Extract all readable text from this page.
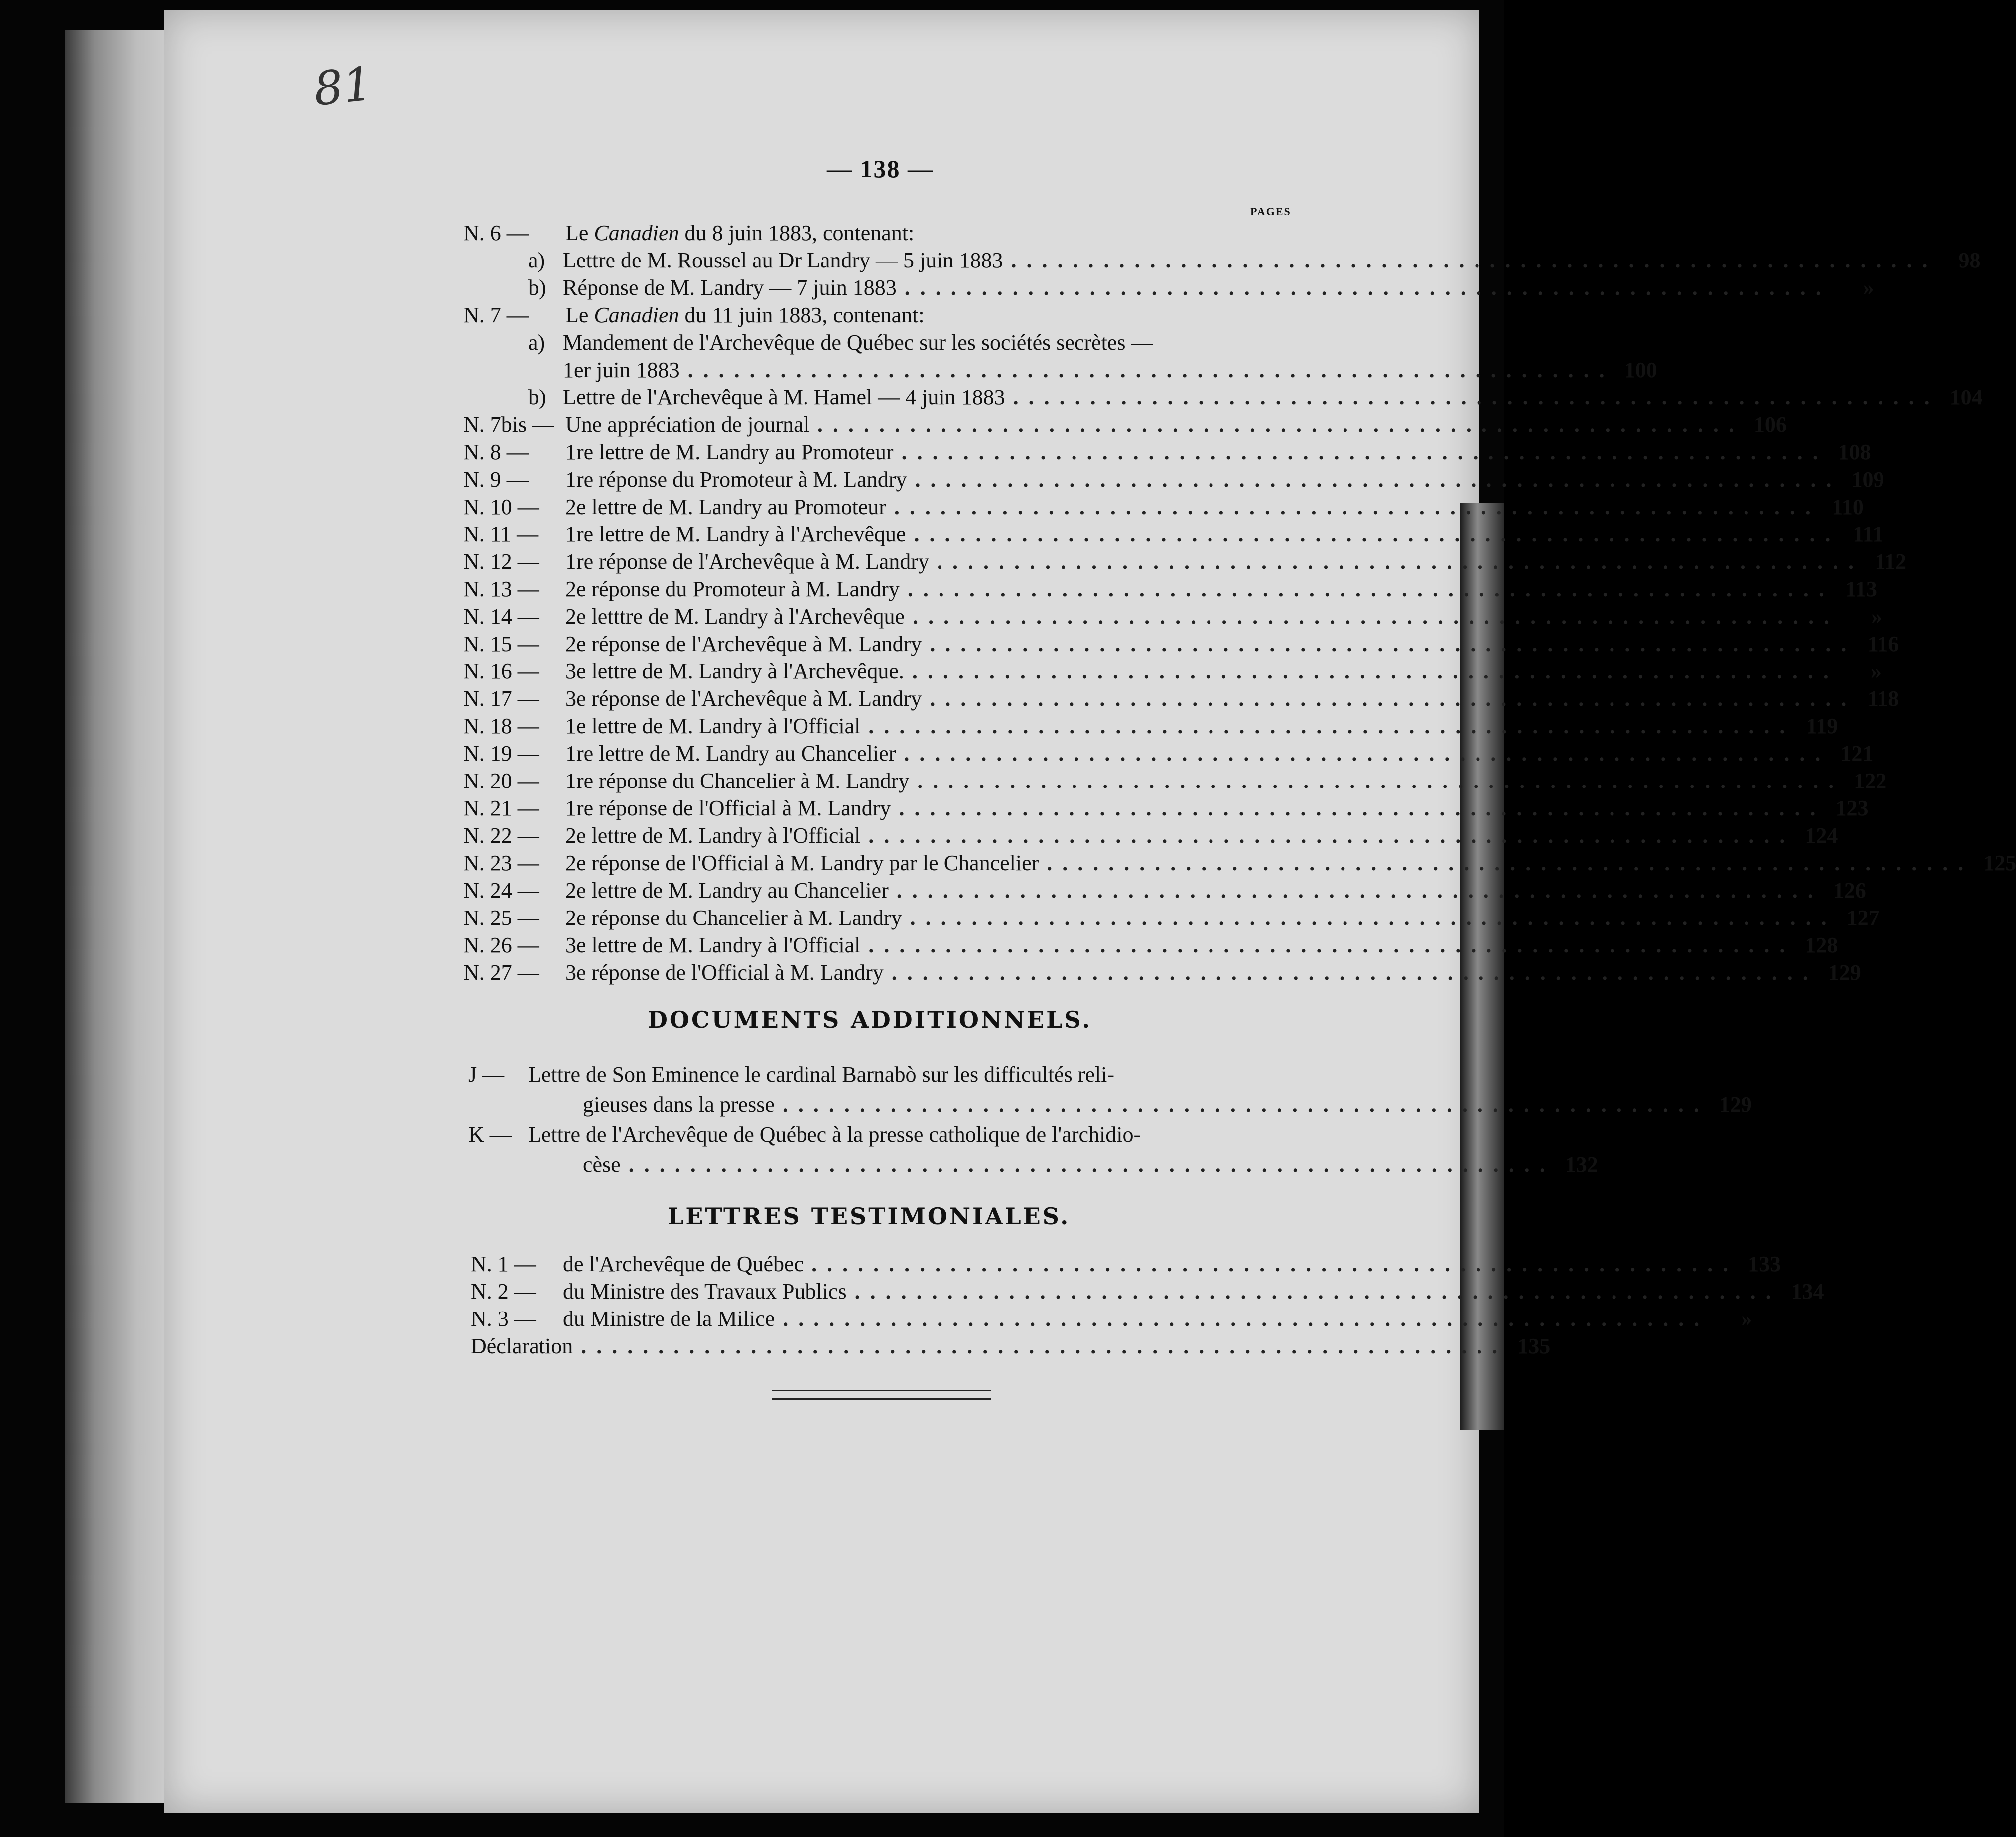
81
— 138 —
PAGES
N. 6 —	Le Canadien du 8 juin 1883, contenant:
a) Lettre de M. Roussel au Dr Landry — 5 juin 1883 ............................................................ 98
b) Réponse de M. Landry — 7 juin 1883 ............................................................	»
N. 7 —	Le Canadien du 11 juin 1883, contenant:
a) Mandement de l'Archevêque de Québec sur les sociétés secrètes —
1er juin 1883 ............................................................ 100
b) Lettre de l'Archevêque à M. Hamel — 4 juin 1883 ............................................................ 104
N. 7bis — Une appréciation de journal ............................................................ 106
N. 8 —	1re lettre de M. Landry au Promoteur ............................................................ 108
N. 9 —	1re réponse du Promoteur à M. Landry ............................................................ 109
N. 10 —	2e lettre de M. Landry au Promoteur ............................................................ 110
N. 11 —	1re lettre de M. Landry à l'Archevêque ............................................................ 111
N. 12 —	1re réponse de l'Archevêque à M. Landry ............................................................ 112
N. 13 —	2e réponse du Promoteur à M. Landry ............................................................ 113
N. 14 —	2e letttre de M. Landry à l'Archevêque ............................................................	»
N. 15 —	2e réponse de l'Archevêque à M. Landry ............................................................ 116
N. 16 —	3e lettre de M. Landry à l'Archevêque. ............................................................	»
N. 17 —	3e réponse de l'Archevêque à M. Landry ............................................................ 118
N. 18 —	1e lettre de M. Landry à l'Official ............................................................ 119
N. 19 —	1re lettre de M. Landry au Chancelier ............................................................ 121
N. 20 —	1re réponse du Chancelier à M. Landry ............................................................ 122
N. 21 —	1re réponse de l'Official à M. Landry ............................................................ 123
N. 22 —	2e lettre de M. Landry à l'Official ............................................................ 124
N. 23 —	2e réponse de l'Official à M. Landry par le Chancelier ............................................................ 125
N. 24 —	2e lettre de M. Landry au Chancelier ............................................................ 126
N. 25 —	2e réponse du Chancelier à M. Landry ............................................................ 127
N. 26 —	3e lettre de M. Landry à l'Official ............................................................ 128
N. 27 —	3e réponse de l'Official à M. Landry ............................................................ 129
DOCUMENTS ADDITIONNELS.
J —	Lettre de Son Eminence le cardinal Barnabò sur les difficultés reli-
gieuses dans la presse ............................................................ 129
K — Lettre de l'Archevêque de Québec à la presse catholique de l'archidio-
cèse ............................................................ 132
LETTRES TESTIMONIALES.
N. 1 —	de l'Archevêque de Québec ............................................................ 133
N. 2 —	du Ministre des Travaux Publics ............................................................ 134
N. 3 —	du Ministre de la Milice ............................................................	»
Déclaration ............................................................ 135
